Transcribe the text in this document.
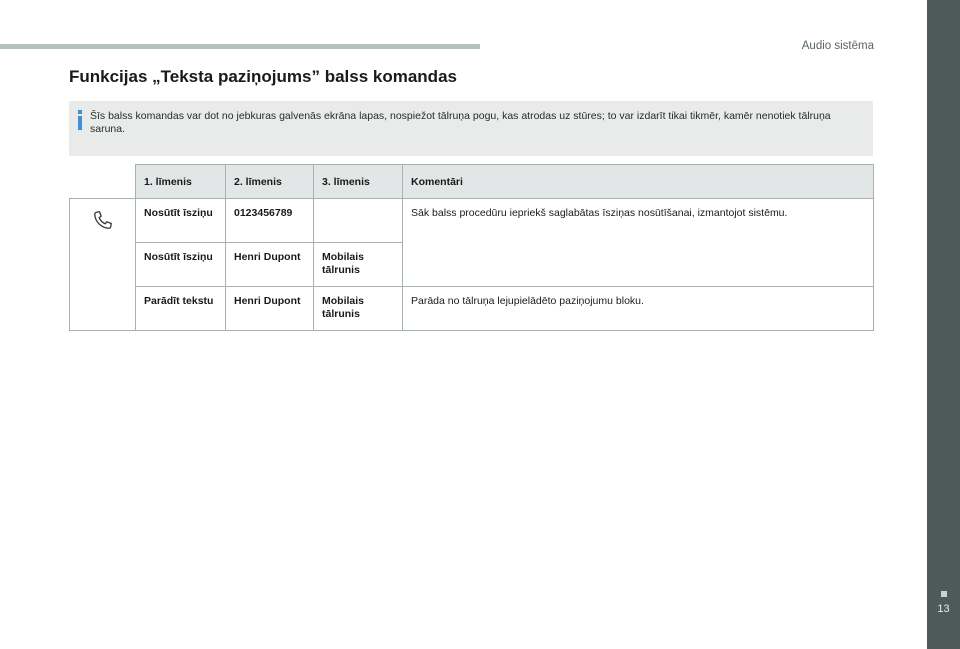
Audio sistēma
13
Funkcijas „Teksta paziņojums” balss komandas
Šīs balss komandas var dot no jebkuras galvenās ekrāna lapas, nospiežot tālruņa pogu, kas atrodas uz stūres; to var izdarīt tikai tikmēr, kamēr nenotiek tālruņa saruna.
	1. līmenis	2. līmenis	3. līmenis	Komentāri

	Nosūtīt īsziņu	0123456789		Sāk balss procedūru iepriekš saglabātas īsziņas nosūtīšanai, izmantojot sistēmu.
	Nosūtīt īsziņu	Henri Dupont	Mobilais tālrunis	
	Parādīt tekstu	Henri Dupont	Mobilais tālrunis	Parāda no tālruņa lejupielādēto paziņojumu bloku.
